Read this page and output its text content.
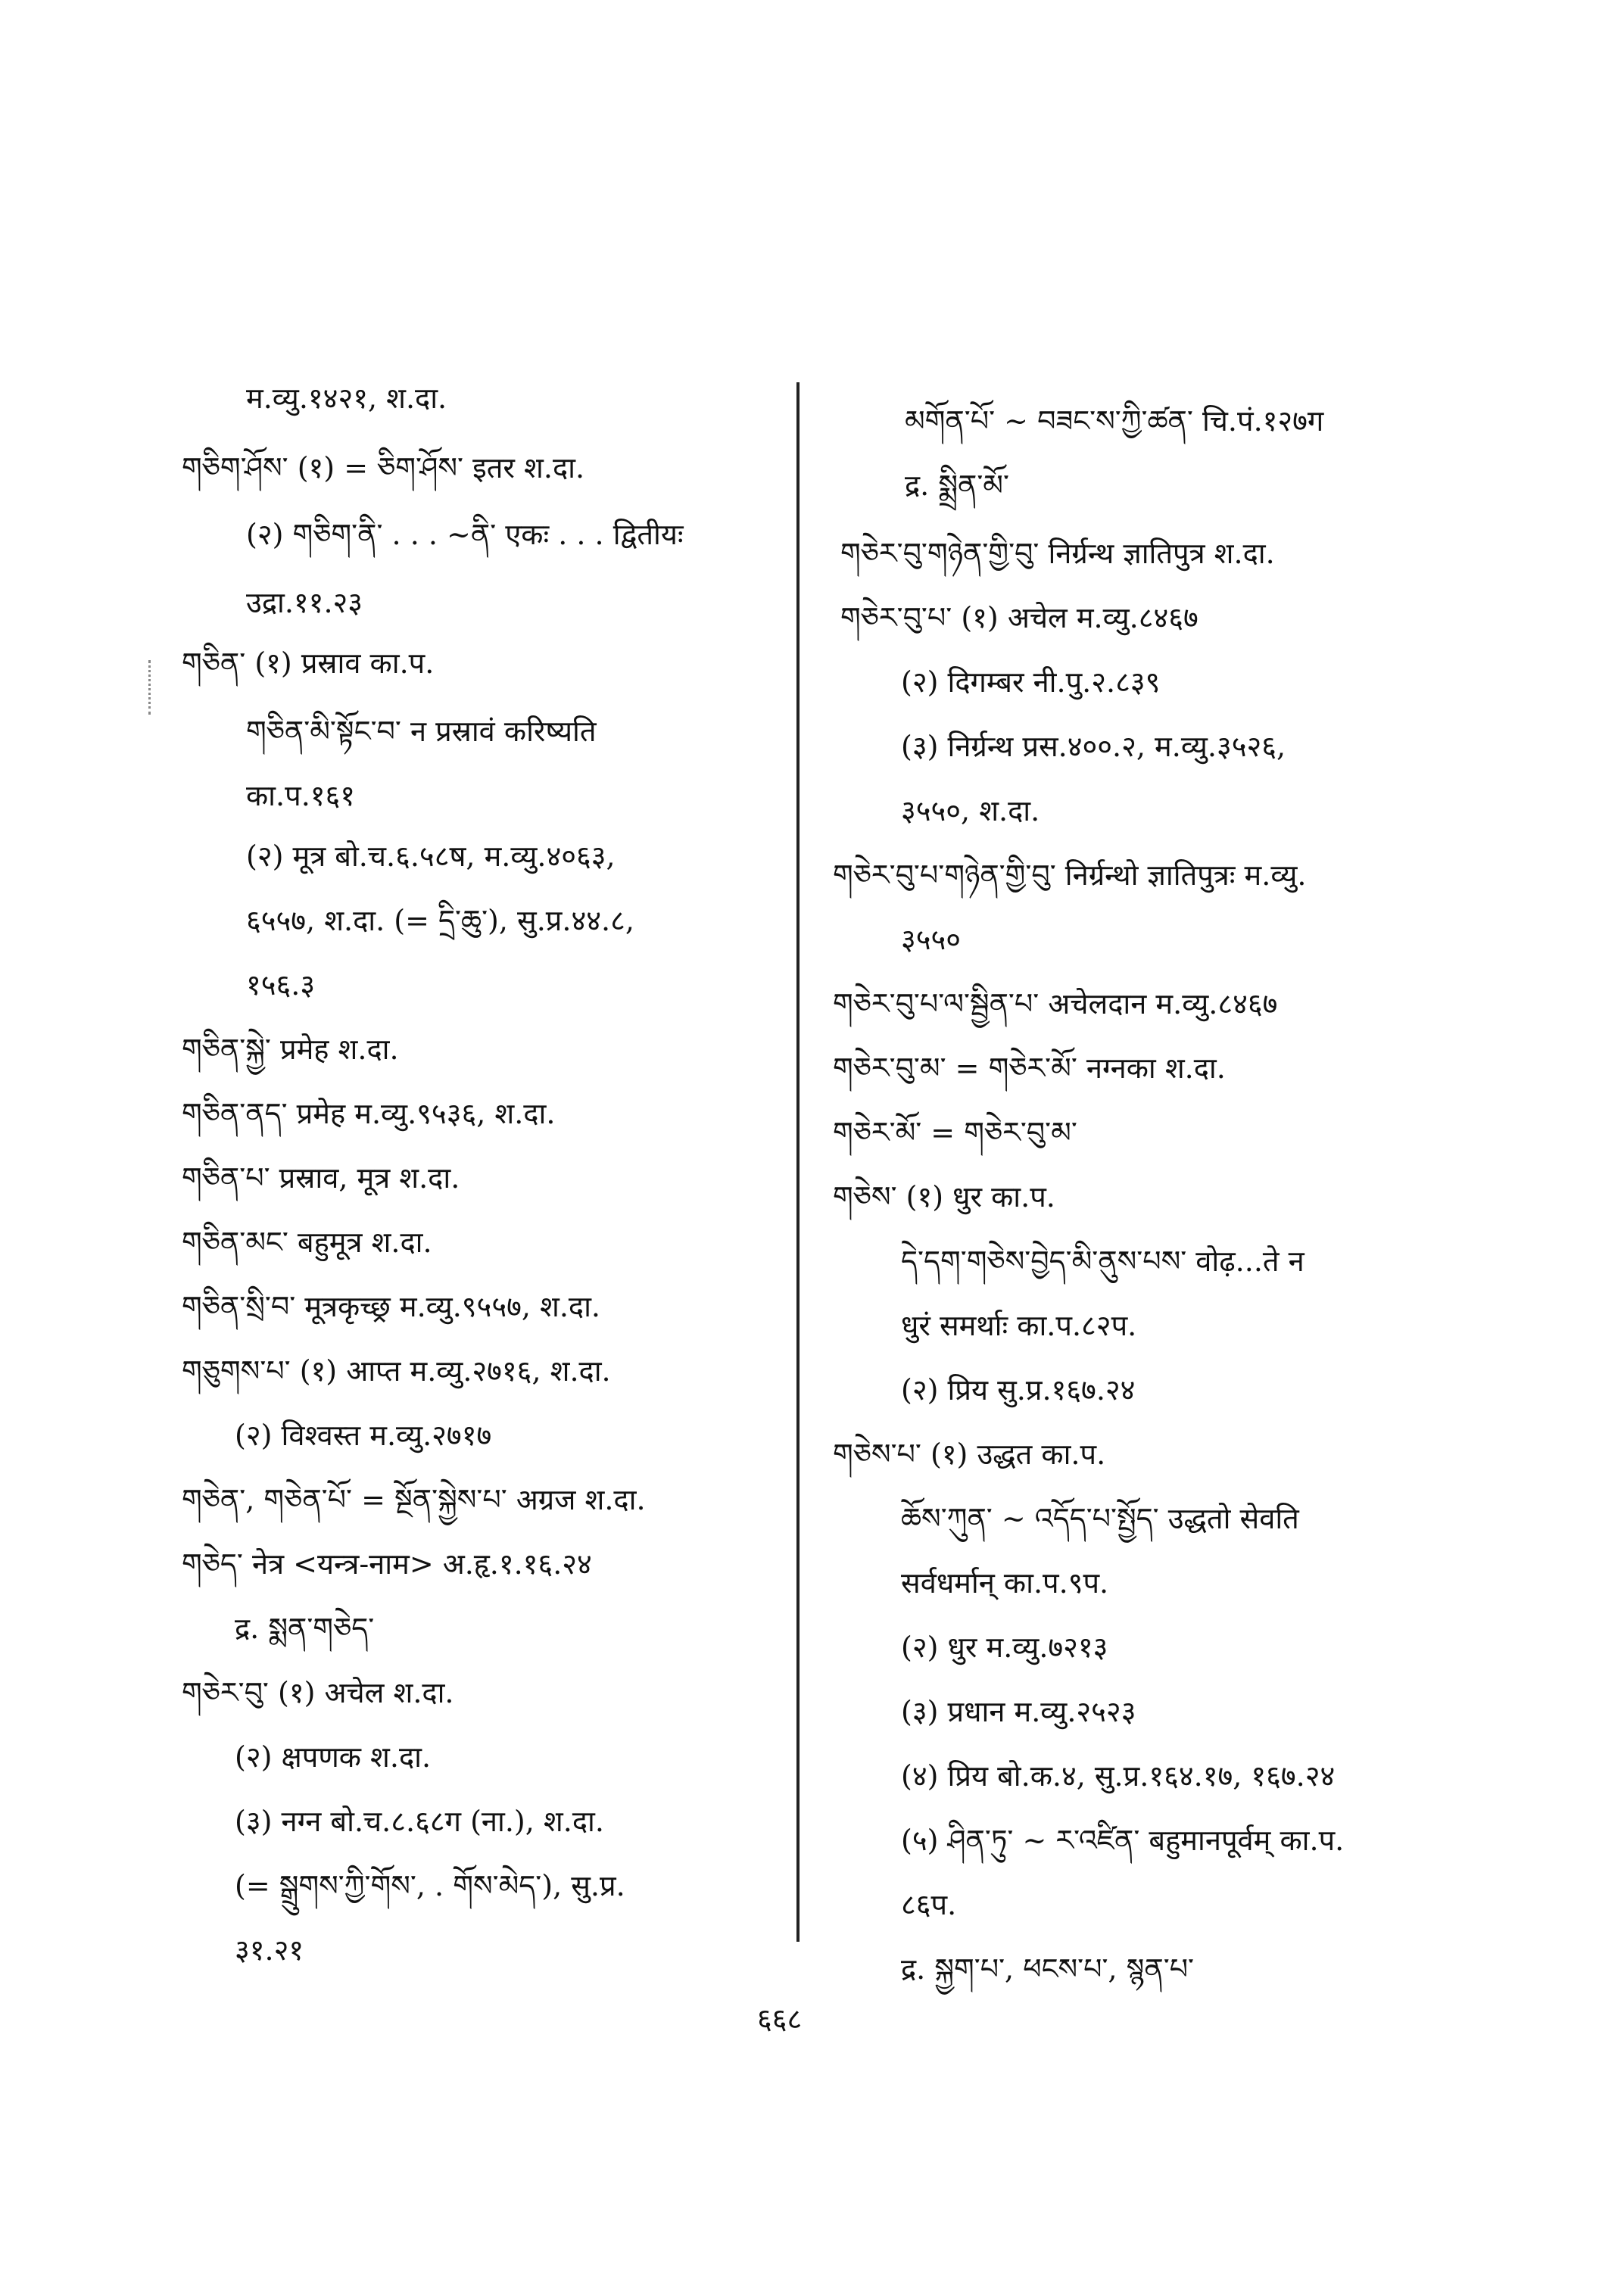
म.व्यु.१४२१, श.दा.
གཅིག་ཤོས་ (१) = ཅིག་ཤོས་ इतर श.दा.
(२) གཅིག་ནི་ . . . ~ནི་ एकः . . . द्वितीयः
उद्रा.११.२३
གཅིན་ (१) प्रस्राव का.प.
གཅིན་མི་སྟོང་བ་ न प्रस्रावं करिष्यति
का.प.१६१
(२) मूत्र बो.च.६.५८ष, म.व्यु.४०६३,
६५५७, श.दा. (= དྲི་ཆུ་), सु.प्र.४४.८,
१५६.३
གཅིན་སྐྱེ་ प्रमेह श.दा.
གཅིན་ནད་ प्रमेह म.व्यु.९५३६, श.दा.
གཅིན་པ་ प्रस्राव, मूत्र श.दा.
གཅིན་མང་ बहुमूत्र श.दा.
གཅིན་སྲི་བ་ मूत्रकृच्छ्र म.व्यु.९५५७, श.दा.
གཅུགས་པ་ (१) आप्त म.व्यु.२७१६, श.दा.
(२) विश्वस्त म.व्यु.२७१७
གཅེན་, གཅེན་པོ་ = སྔོན་སྐྱེས་པ་ अग्रज श.दा.
གཅེད་ नेत्र <यन्त्र-नाम> अ.हृ.१.१६.२४
द्र. སྨན་གཅེད་
གཅེར་བུ་ (१) अचेल श.दा.
(२) क्षपणक श.दा.
(३) नग्न बो.च.८.६८ग (ना.), श.दा.
(= སྒྲུགས་ཀྱི་གོས་, . གོས་མེད་), सु.प्र.
३१.२१
མགོན་པོ་ ~ བཟང་ས་ཀྱི་ཚན་ चि.पं.१२७ग
द्र. སྨྲིན་མོ་
གཅེར་བུ་གཉེན་གྱི་བུ་ निर्ग्रन्थ ज्ञातिपुत्र श.दा.
གཅེར་བུ་པ་ (१) अचेल म.व्यु.८४६७
(२) दिगम्बर नी.पु.२.८३९
(३) निर्ग्रन्थ प्रस.४००.२, म.व्यु.३५२६,
३५५०, श.दा.
གཅེར་བུ་པ་གཉེན་གྱི་བུ་ निर्ग्रन्थो ज्ञातिपुत्रः म.व्यु.
३५५०
གཅེར་བུ་པ་ལ་སྦྱིན་པ་ अचेलदान म.व्यु.८४६७
གཅེར་བུ་མ་ = གཅེར་མོ་ नग्नका श.दा.
གཅེར་མོ་ = གཅེར་བུ་མ་
གཅེས་ (१) धुर का.प.
དེ་དག་གཅེས་བྱེད་མི་ནུས་པས་ वोढ़...ते न
धुरं समर्थाः का.प.८२प.
(२) प्रिय सु.प्र.१६७.२४
གཅེས་པ་ (१) उद्धत का.प.
ཆོས་ཀུན་ ~ འདོད་པ་སྤྱོད་ उद्धतो सेवति
सर्वधर्मान् का.प.९प.
(२) धुर म.व्यु.७२१३
(३) प्रधान म.व्यु.२५२३
(४) प्रिय बो.क.४, सु.प्र.१६४.१७, १६७.२४
(५) ཤིན་ཏུ་ ~ ར་འཛིན་ बहुमानपूर्वम् का.प.
८६प.
द्र. སྐྱག་པ་, ཕངས་པ་, སྙན་པ་
६६८
